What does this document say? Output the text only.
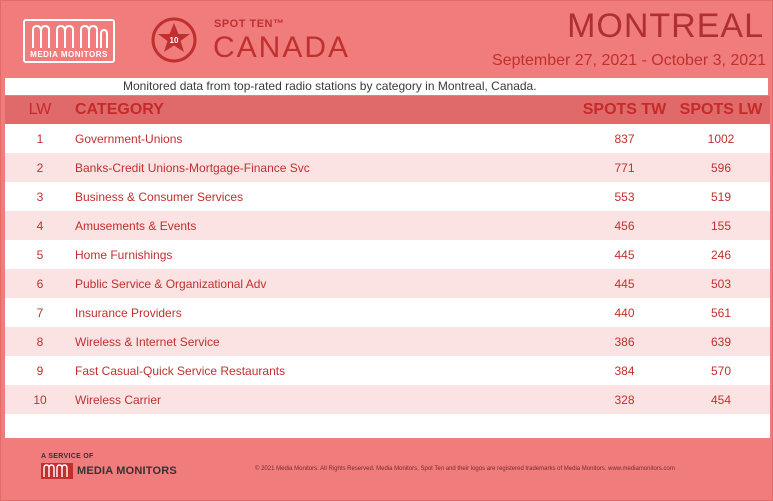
MEDIA MONITORS
10
SPOT TEN™
CANADA
MONTREAL
September 27, 2021 - October 3, 2021
Monitored data from top-rated radio stations by category in Montreal, Canada.
LW	CATEGORY	SPOTS TW SPOTS LW
1	Government-Unions	837	1002
2	Banks-Credit Unions-Mortgage-Finance Svc	771	596
3	Business & Consumer Services	553	519
4	Amusements & Events	456	155
5	Home Furnishings	445	246
6	Public Service & Organizational Adv	445	503
7	Insurance Providers	440	561
8	Wireless & Internet Service	386	639
9	Fast Casual-Quick Service Restaurants	384	570
10	Wireless Carrier	328	454
A SERVICE OF
MEDIA MONITORS	© 2021 Media Monitors. All Rights Reserved. Media Monitors, Spot Ten and their logos are registered trademarks of Media Monitors. www.mediamonitors.com
